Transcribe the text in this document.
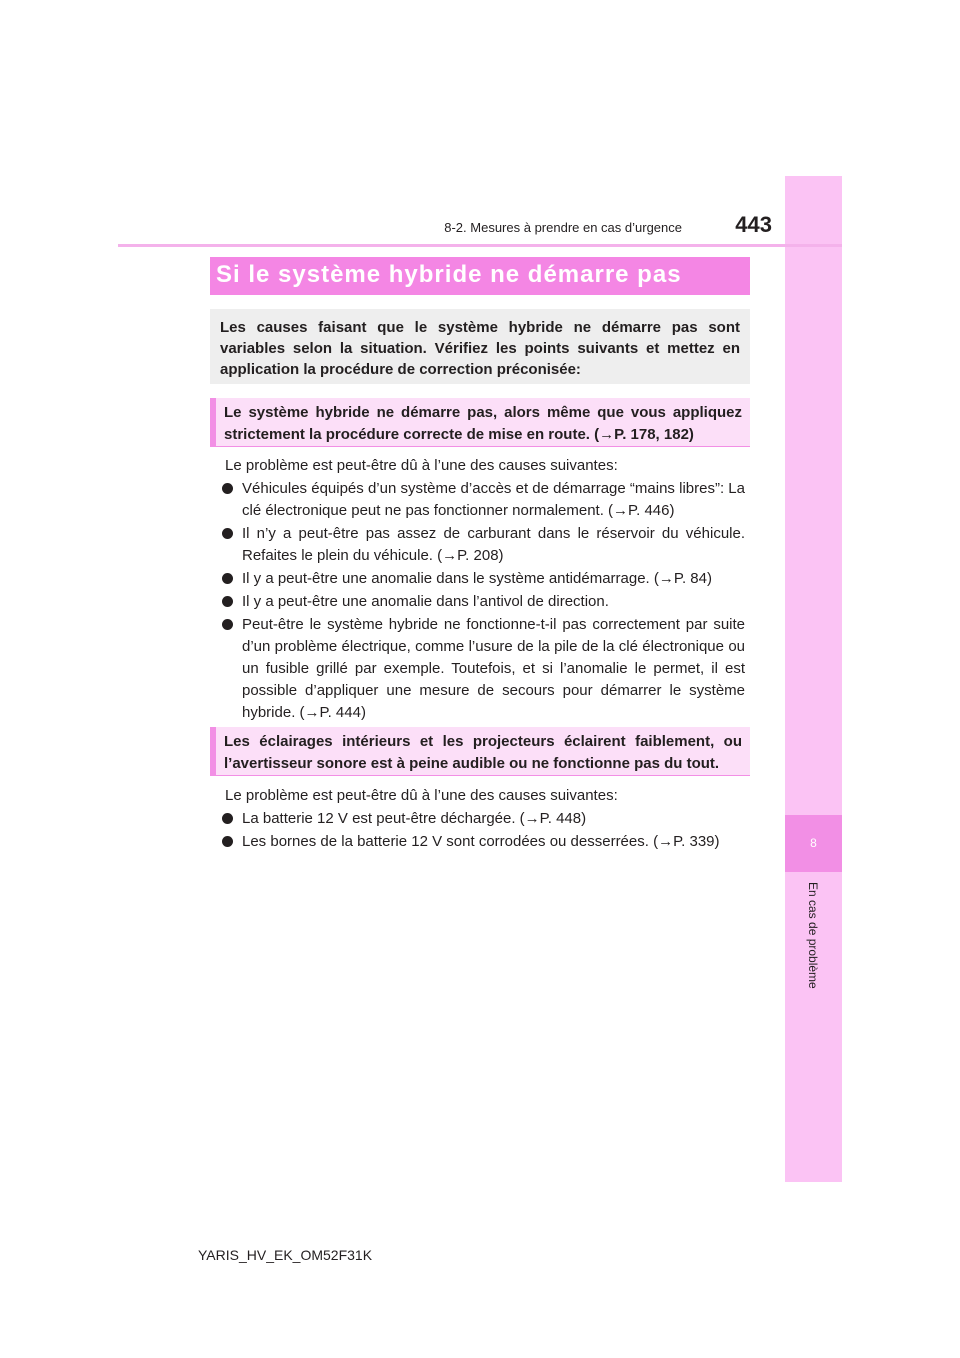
8
En cas de problème
8-2. Mesures à prendre en cas d’urgence	443
Si le système hybride ne démarre pas
Les causes faisant que le système hybride ne démarre pas sont variables selon la situation. Vérifiez les points suivants et mettez en application la procédure de correction préconisée:
Le système hybride ne démarre pas, alors même que vous appliquez strictement la procédure correcte de mise en route. (→P. 178, 182)
Le problème est peut-être dû à l’une des causes suivantes:
Véhicules équipés d’un système d’accès et de démarrage “mains libres”: La clé électronique peut ne pas fonctionner normalement. (→P. 446)
Il n’y a peut-être pas assez de carburant dans le réservoir du véhicule. Refaites le plein du véhicule. (→P. 208)
Il y a peut-être une anomalie dans le système antidémarrage. (→P. 84)
Il y a peut-être une anomalie dans l’antivol de direction.
Peut-être le système hybride ne fonctionne-t-il pas correctement par suite d’un problème électrique, comme l’usure de la pile de la clé électronique ou un fusible grillé par exemple. Toutefois, et si l’anomalie le permet, il est possible d’appliquer une mesure de secours pour démarrer le système hybride. (→P. 444)
Les éclairages intérieurs et les projecteurs éclairent faiblement, ou l’avertisseur sonore est à peine audible ou ne fonctionne pas du tout.
Le problème est peut-être dû à l’une des causes suivantes:
La batterie 12 V est peut-être déchargée. (→P. 448)
Les bornes de la batterie 12 V sont corrodées ou desserrées. (→P. 339)
YARIS_HV_EK_OM52F31K
